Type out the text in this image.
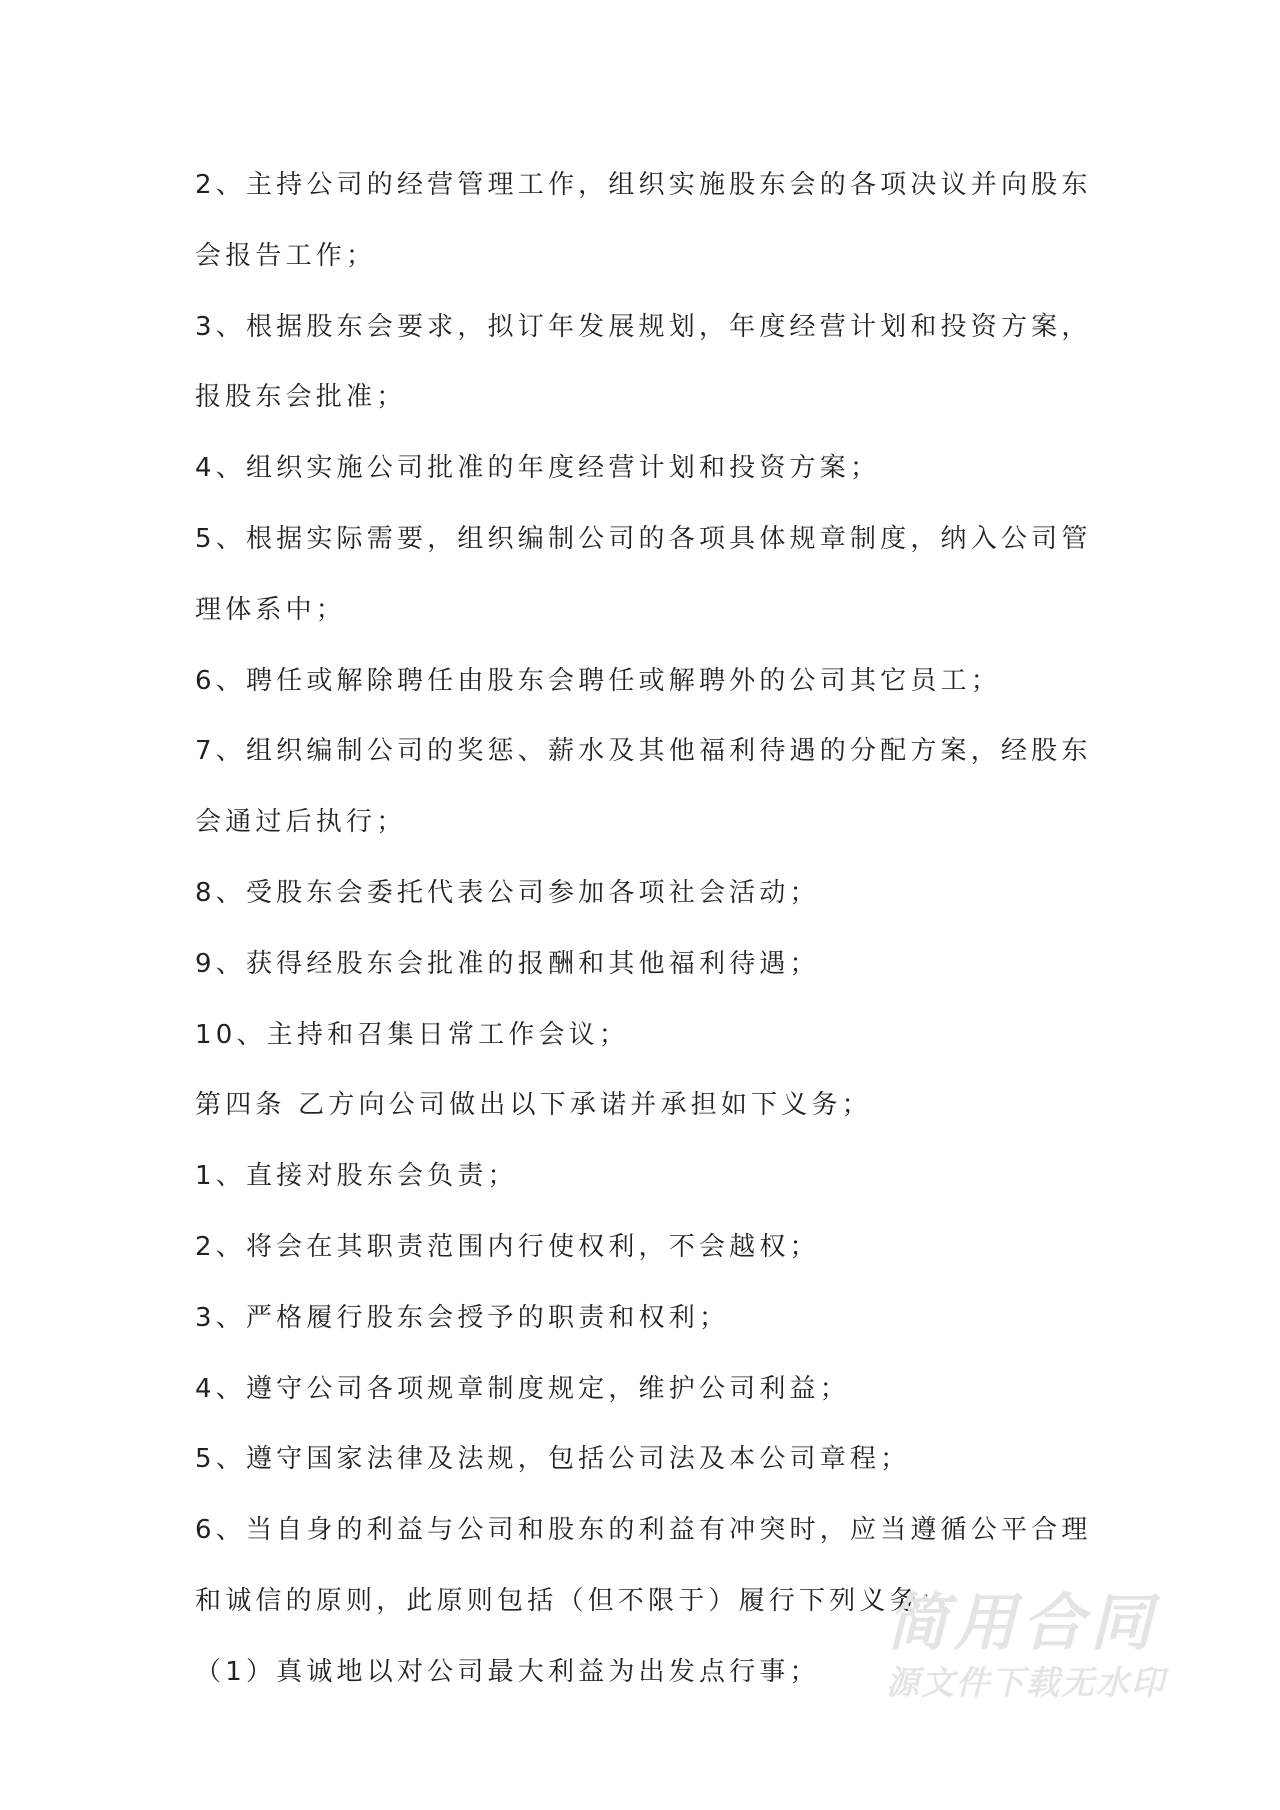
2、主持公司的经营管理工作，组织实施股东会的各项决议并向股东
会报告工作；
3、根据股东会要求，拟订年发展规划，年度经营计划和投资方案，
报股东会批准；
4、组织实施公司批准的年度经营计划和投资方案；
5、根据实际需要，组织编制公司的各项具体规章制度，纳入公司管
理体系中；
6、聘任或解除聘任由股东会聘任或解聘外的公司其它员工；
7、组织编制公司的奖惩、薪水及其他福利待遇的分配方案，经股东
会通过后执行；
8、受股东会委托代表公司参加各项社会活动；
9、获得经股东会批准的报酬和其他福利待遇；
10、主持和召集日常工作会议；
第四条 乙方向公司做出以下承诺并承担如下义务；
1、直接对股东会负责；
2、将会在其职责范围内行使权利，不会越权；
3、严格履行股东会授予的职责和权利；
4、遵守公司各项规章制度规定，维护公司利益；
5、遵守国家法律及法规，包括公司法及本公司章程；
6、当自身的利益与公司和股东的利益有冲突时，应当遵循公平合理
和诚信的原则，此原则包括（但不限于）履行下列义务：
（1）真诚地以对公司最大利益为出发点行事；
简用合同
源文件下载无水印
